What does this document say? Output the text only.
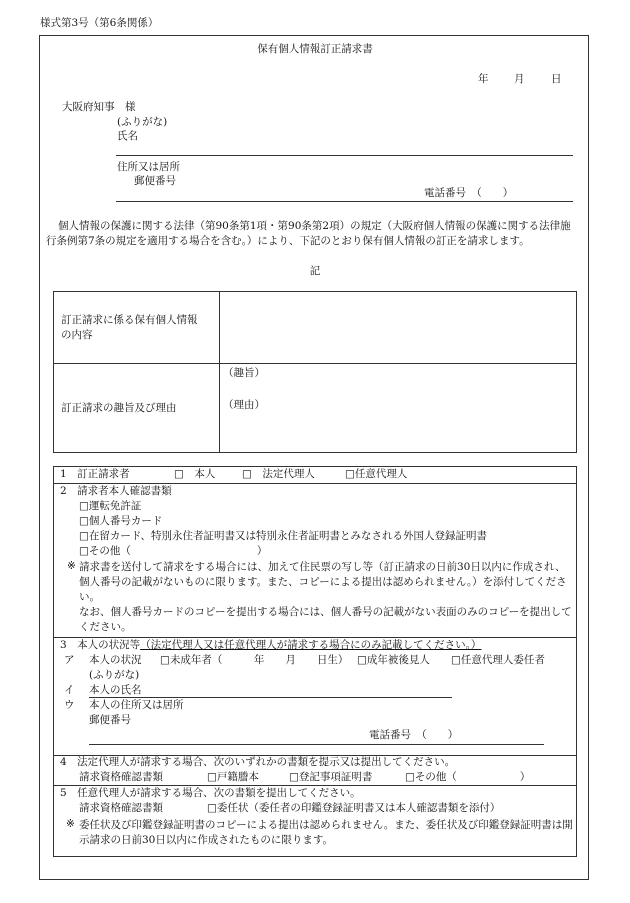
様式第3号（第6条関係）
保有個人情報訂正請求書
年 月	日
大阪府知事　様
(ふりがな)
氏名
住所又は居所
郵便番号
電話番号　（　　）
個人情報の保護に関する法律（第90条第1項・第90条第2項）の規定（大阪府個人情報の保護に関する法律施行条例第7条の規定を適用する場合を含む。）により、下記のとおり保有個人情報の訂正を請求します。
記
訂正請求に係る保有個人情報
の内容
訂正請求の趣旨及び理由
（趣旨）
（理由）
1　訂正請求者	□　本人	□　法定代理人	□任意代理人
2　請求者本人確認書類
□運転免許証
□個人番号カード
□在留カード、特別永住者証明書又は特別永住者証明書とみなされる外国人登録証明書
□その他（　　　　　　　　　　　　）
※ 請求書を送付して請求をする場合には、加えて住民票の写し等（訂正請求の日前30日以内に作成され、個人番号の記載がないものに限ります。また、コピーによる提出は認められません。）を添付してください。
なお、個人番号カードのコピーを提出する場合には、個人番号の記載がない表面のみのコピーを提出してください。
3　本人の状況等（法定代理人又は任意代理人が請求する場合にのみ記載してください。）
ア 本人の状況 □未成年者（　　　年　　月　　日生） □成年被後見人 □任意代理人委任者
(ふりがな)
イ 本人の氏名
ウ 本人の住所又は居所
郵便番号
電話番号　（　　）
4　法定代理人が請求する場合、次のいずれかの書類を提示又は提出してください。
請求資格確認書類	□戸籍謄本	□登記事項証明書	□その他（　　　　　　）
5　任意代理人が請求する場合、次の書類を提出してください。
請求資格確認書類	□委任状（委任者の印鑑登録証明書又は本人確認書類を添付）
※ 委任状及び印鑑登録証明書のコピーによる提出は認められません。また、委任状及び印鑑登録証明書は開示請求の日前30日以内に作成されたものに限ります。
